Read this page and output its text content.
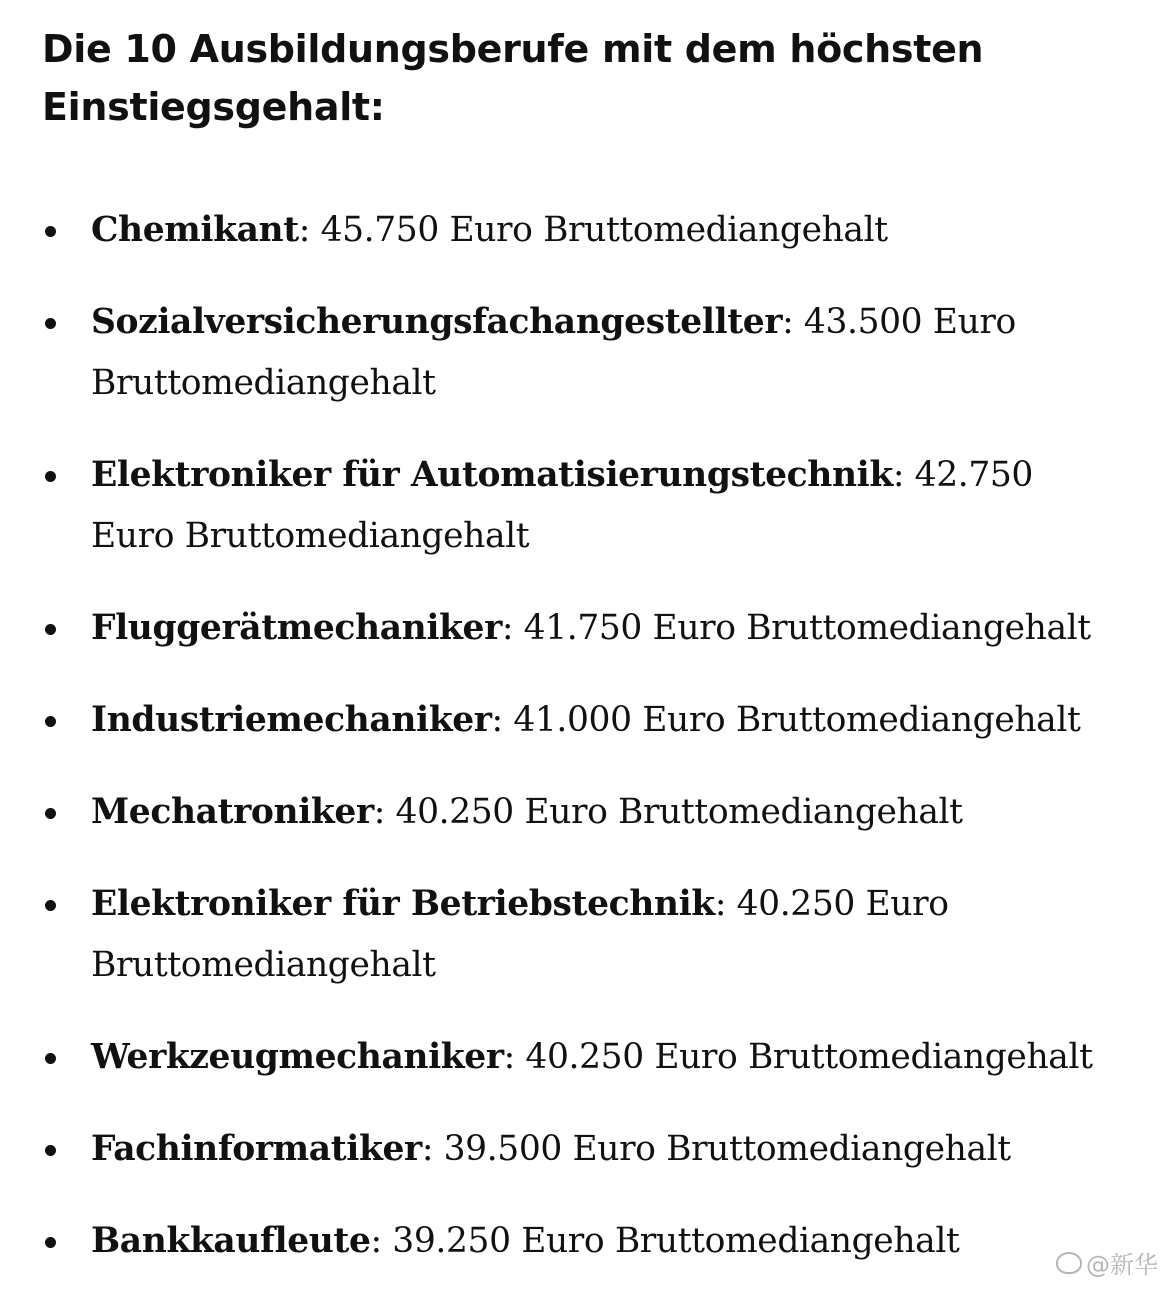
Die 10 Ausbildungsberufe mit dem höchsten Einstiegsgehalt:
Chemikant: 45.750 Euro Bruttomediangehalt
Sozialversicherungsfachangestellter: 43.500 Euro Bruttomediangehalt
Elektroniker für Automatisierungstechnik: 42.750 Euro Bruttomediangehalt
Fluggerätmechaniker: 41.750 Euro Bruttomediangehalt
Industriemechaniker: 41.000 Euro Bruttomediangehalt
Mechatroniker: 40.250 Euro Bruttomediangehalt
Elektroniker für Betriebstechnik: 40.250 Euro Bruttomediangehalt
Werkzeugmechaniker: 40.250 Euro Bruttomediangehalt
Fachinformatiker: 39.500 Euro Bruttomediangehalt
Bankkaufleute: 39.250 Euro Bruttomediangehalt
@新华
